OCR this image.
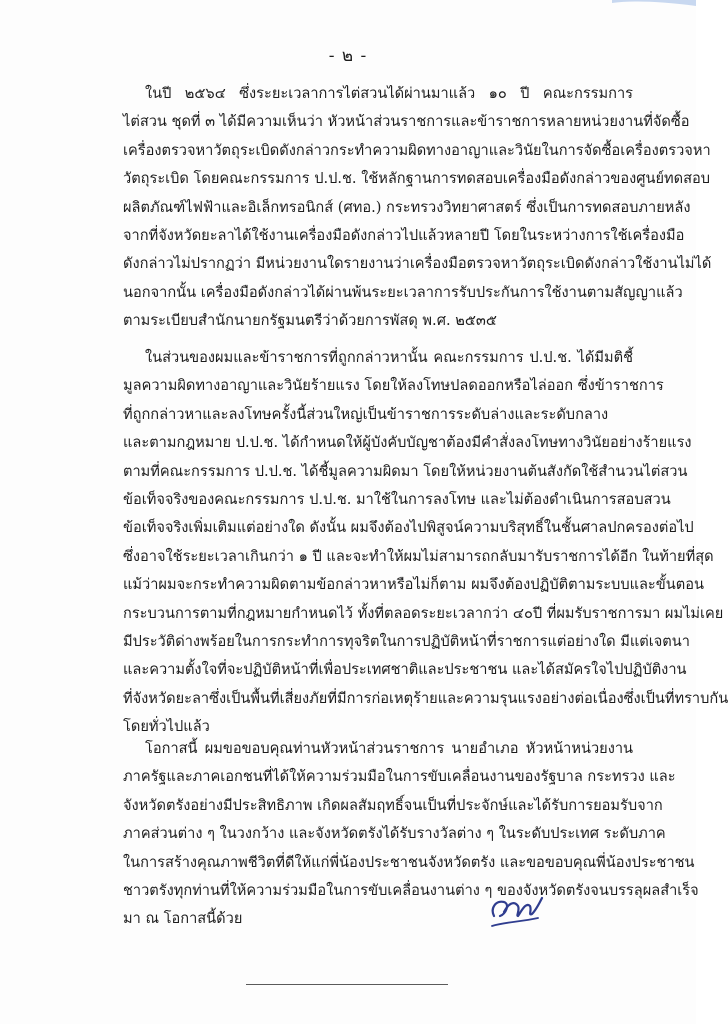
- ๒ -
ในปี ๒๕๖๔ ซึ่งระยะเวลาการไต่สวนได้ผ่านมาแล้ว ๑๐ ปี คณะกรรมการ
ไต่สวน ชุดที่ ๓ ได้มีความเห็นว่า หัวหน้าส่วนราชการและข้าราชการหลายหน่วยงานที่จัดซื้อ
เครื่องตรวจหาวัตถุระเบิดดังกล่าวกระทำความผิดทางอาญาและวินัยในการจัดซื้อเครื่องตรวจหา
วัตถุระเบิด โดยคณะกรรมการ ป.ป.ช. ใช้หลักฐานการทดสอบเครื่องมือดังกล่าวของศูนย์ทดสอบ
ผลิตภัณฑ์ไฟฟ้าและอิเล็กทรอนิกส์ (ศทอ.) กระทรวงวิทยาศาสตร์ ซึ่งเป็นการทดสอบภายหลัง
จากที่จังหวัดยะลาได้ใช้งานเครื่องมือดังกล่าวไปแล้วหลายปี โดยในระหว่างการใช้เครื่องมือ
ดังกล่าวไม่ปรากฏว่า มีหน่วยงานใดรายงานว่าเครื่องมือตรวจหาวัตถุระเบิดดังกล่าวใช้งานไม่ได้
นอกจากนั้น เครื่องมือดังกล่าวได้ผ่านพ้นระยะเวลาการรับประกันการใช้งานตามสัญญาแล้ว
ตามระเบียบสำนักนายกรัฐมนตรีว่าด้วยการพัสดุ พ.ศ. ๒๕๓๕
ในส่วนของผมและข้าราชการที่ถูกกล่าวหานั้น คณะกรรมการ ป.ป.ช. ได้มีมติชี้
มูลความผิดทางอาญาและวินัยร้ายแรง โดยให้ลงโทษปลดออกหรือไล่ออก ซึ่งข้าราชการ
ที่ถูกกล่าวหาและลงโทษครั้งนี้ส่วนใหญ่เป็นข้าราชการระดับล่างและระดับกลาง
และตามกฎหมาย ป.ป.ช. ได้กำหนดให้ผู้บังคับบัญชาต้องมีคำสั่งลงโทษทางวินัยอย่างร้ายแรง
ตามที่คณะกรรมการ ป.ป.ช. ได้ชี้มูลความผิดมา โดยให้หน่วยงานต้นสังกัดใช้สำนวนไต่สวน
ข้อเท็จจริงของคณะกรรมการ ป.ป.ช. มาใช้ในการลงโทษ และไม่ต้องดำเนินการสอบสวน
ข้อเท็จจริงเพิ่มเติมแต่อย่างใด ดังนั้น ผมจึงต้องไปพิสูจน์ความบริสุทธิ์ในชั้นศาลปกครองต่อไป
ซึ่งอาจใช้ระยะเวลาเกินกว่า ๑ ปี และจะทำให้ผมไม่สามารถกลับมารับราชการได้อีก ในท้ายที่สุด
แม้ว่าผมจะกระทำความผิดตามข้อกล่าวหาหรือไม่ก็ตาม ผมจึงต้องปฏิบัติตามระบบและขั้นตอน
กระบวนการตามที่กฎหมายกำหนดไว้ ทั้งที่ตลอดระยะเวลากว่า ๔๐ปี ที่ผมรับราชการมา ผมไม่เคย
มีประวัติด่างพร้อยในการกระทำการทุจริตในการปฏิบัติหน้าที่ราชการแต่อย่างใด มีแต่เจตนา
และความตั้งใจที่จะปฏิบัติหน้าที่เพื่อประเทศชาติและประชาชน และได้สมัครใจไปปฏิบัติงาน
ที่จังหวัดยะลาซึ่งเป็นพื้นที่เสี่ยงภัยที่มีการก่อเหตุร้ายและความรุนแรงอย่างต่อเนื่องซึ่งเป็นที่ทราบกัน
โดยทั่วไปแล้ว
โอกาสนี้ ผมขอขอบคุณท่านหัวหน้าส่วนราชการ นายอำเภอ หัวหน้าหน่วยงาน
ภาครัฐและภาคเอกชนที่ได้ให้ความร่วมมือในการขับเคลื่อนงานของรัฐบาล กระทรวง และ
จังหวัดตรังอย่างมีประสิทธิภาพ เกิดผลสัมฤทธิ์จนเป็นที่ประจักษ์และได้รับการยอมรับจาก
ภาคส่วนต่าง ๆ ในวงกว้าง และจังหวัดตรังได้รับรางวัลต่าง ๆ ในระดับประเทศ ระดับภาค
ในการสร้างคุณภาพชีวิตที่ดีให้แก่พี่น้องประชาชนจังหวัดตรัง และขอขอบคุณพี่น้องประชาชน
ชาวตรังทุกท่านที่ให้ความร่วมมือในการขับเคลื่อนงานต่าง ๆ ของจังหวัดตรังจนบรรลุผลสำเร็จ
มา ณ โอกาสนี้ด้วย
